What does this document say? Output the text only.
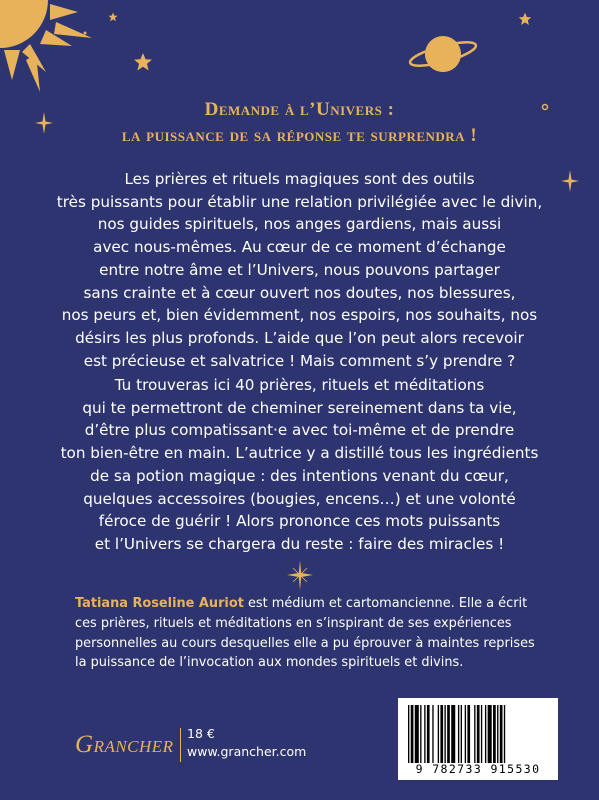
Demande à l’Univers :
la puissance de sa réponse te surprendra !
Les prières et rituels magiques sont des outils
très puissants pour établir une relation privilégiée avec le divin,
nos guides spirituels, nos anges gardiens, mais aussi
avec nous-mêmes. Au cœur de ce moment d’échange
entre notre âme et l’Univers, nous pouvons partager
sans crainte et à cœur ouvert nos doutes, nos blessures,
nos peurs et, bien évidemment, nos espoirs, nos souhaits, nos
désirs les plus profonds. L’aide que l’on peut alors recevoir
est précieuse et salvatrice ! Mais comment s’y prendre ?
Tu trouveras ici 40 prières, rituels et méditations
qui te permettront de cheminer sereinement dans ta vie,
d’être plus compatissant·e avec toi-même et de prendre
ton bien-être en main. L’autrice y a distillé tous les ingrédients
de sa potion magique : des intentions venant du cœur,
quelques accessoires (bougies, encens…) et une volonté
féroce de guérir ! Alors prononce ces mots puissants
et l’Univers se chargera du reste : faire des miracles !
Tatiana Roseline Auriot est médium et cartomancienne. Elle a écrit
ces prières, rituels et méditations en s’inspirant de ses expériences
personnelles au cours desquelles elle a pu éprouver à maintes reprises
la puissance de l’invocation aux mondes spirituels et divins.
GRANCHER
18 €
www.grancher.com
9 782733 915530
